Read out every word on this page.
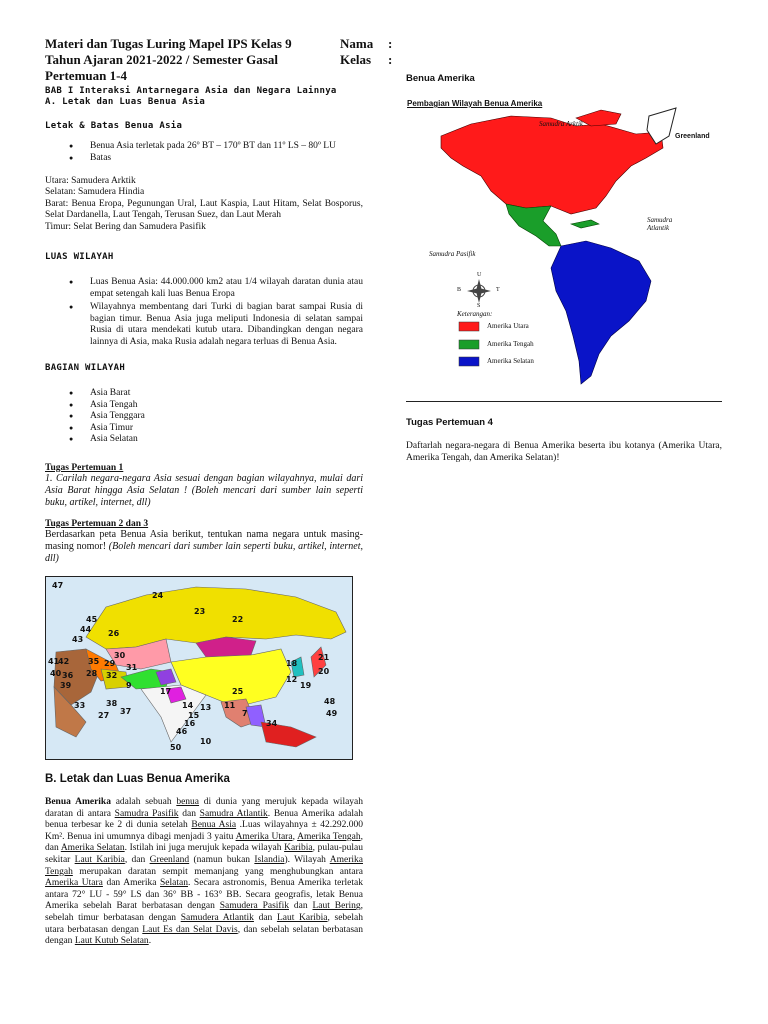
Materi dan Tugas Luring Mapel IPS Kelas 9
Tahun Ajaran 2021-2022 / Semester Gasal
Pertemuan 1-4
Nama :
Kelas :
BAB I Interaksi Antarnegara Asia dan Negara Lainnya
A. Letak dan Luas Benua Asia
Letak & Batas Benua Asia
● Benua Asia terletak pada 26º BT – 170º BT dan 11º LS – 80º LU
● Batas
Utara: Samudera Arktik
Selatan: Samudera Hindia
Barat: Benua Eropa, Pegunungan Ural, Laut Kaspia, Laut Hitam, Selat Bosporus, Selat Dardanella, Laut Tengah, Terusan Suez, dan Laut Merah
Timur: Selat Bering dan Samudera Pasifik
LUAS WILAYAH
● Luas Benua Asia: 44.000.000 km2 atau 1/4 wilayah daratan dunia atau empat setengah kali luas Benua Eropa
● Wilayahnya membentang dari Turki di bagian barat sampai Rusia di bagian timur. Benua Asia juga meliputi Indonesia di selatan sampai Rusia di utara mendekati kutub utara. Dibandingkan dengan negara lainnya di Asia, maka Rusia adalah negara terluas di Benua Asia.
BAGIAN WILAYAH
● Asia Barat
● Asia Tengah
● Asia Tenggara
● Asia Timur
● Asia Selatan
Tugas Pertemuan 1
1. Carilah negara-negara Asia sesuai dengan bagian wilayahnya, mulai dari Asia Barat hingga Asia Selatan ! (Boleh mencari dari sumber lain seperti buku, artikel, internet, dll)
Tugas Pertemuan 2 dan 3
Berdasarkan peta Benua Asia berikut, tentukan nama negara untuk masing-masing nomor! (Boleh mencari dari sumber lain seperti buku, artikel, internet, dll)
47
24
23
43
44
45
26
22
41
42 35 29
30
31	20
40
21
18
36 28 32
39	19
48
12
9
17
33	14
38
37
27	15
13 11
25
49
16
7
46
34
10
50
B. Letak dan Luas Benua Amerika
Benua Amerika adalah sebuah benua di dunia yang merujuk kepada wilayah daratan di antara Samudra Pasifik dan Samudra Atlantik. Benua Amerika adalah benua terbesar ke 2 di dunia setelah Benua Asia .Luas wilayahnya ± 42.292.000 Km². Benua ini umumnya dibagi menjadi 3 yaitu Amerika Utara, Amerika Tengah, dan Amerika Selatan. Istilah ini juga merujuk kepada wilayah Karibia, pulau-pulau sekitar Laut Karibia, dan Greenland (namun bukan Islandia). Wilayah Amerika Tengah merupakan daratan sempit memanjang yang menghubungkan antara Amerika Utara dan Amerika Selatan. Secara astronomis, Benua Amerika terletak antara 72° LU - 59° LS dan 36° BB - 163° BB. Secara geografis, letak Benua Amerika sebelah Barat berbatasan dengan Samudera Pasifik dan Laut Bering, sebelah timur berbatasan dengan Samudera Atlantik dan Laut Karibia, sebelah utara berbatasan dengan Laut Es dan Selat Davis, dan sebelah selatan berbatasan dengan Laut Kutub Selatan.
Benua Amerika
Pembagian Wilayah Benua Amerika
Samudra Arktik
Greenland
Samudra Atlantik
Samudra Pasifik
U
S
B	T
Keterangan:
Amerika Utara
Amerika Tengah
Amerika Selatan
Tugas Pertemuan 4
Daftarlah negara-negara di Benua Amerika beserta ibu kotanya (Amerika Utara, Amerika Tengah, dan Amerika Selatan)!
